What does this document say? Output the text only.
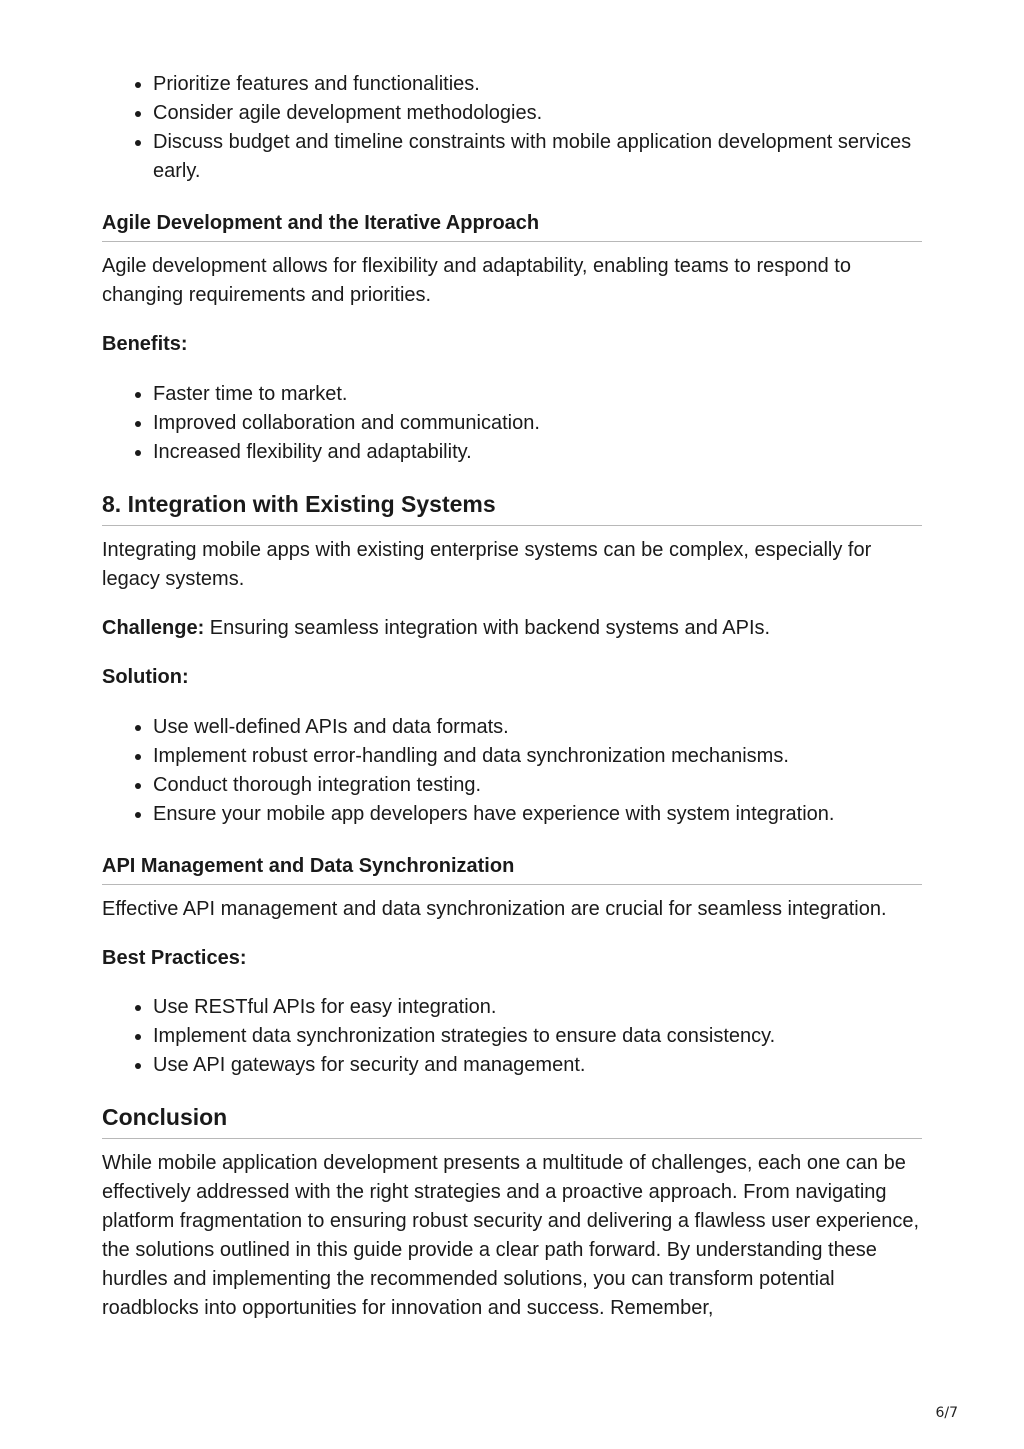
• Prioritize features and functionalities.
• Consider agile development methodologies.
• Discuss budget and timeline constraints with mobile application development services early.
Agile Development and the Iterative Approach

Agile development allows for flexibility and adaptability, enabling teams to respond to changing requirements and priorities.

Benefits:

• Faster time to market.
• Improved collaboration and communication.
• Increased flexibility and adaptability.
8. Integration with Existing Systems

Integrating mobile apps with existing enterprise systems can be complex, especially for legacy systems.

Challenge: Ensuring seamless integration with backend systems and APIs.

Solution:

• Use well-defined APIs and data formats.
• Implement robust error-handling and data synchronization mechanisms.
• Conduct thorough integration testing.
• Ensure your mobile app developers have experience with system integration.
API Management and Data Synchronization

Effective API management and data synchronization are crucial for seamless integration.

Best Practices:

• Use RESTful APIs for easy integration.
• Implement data synchronization strategies to ensure data consistency.
• Use API gateways for security and management.
Conclusion

While mobile application development presents a multitude of challenges, each one can be effectively addressed with the right strategies and a proactive approach. From navigating platform fragmentation to ensuring robust security and delivering a flawless user experience, the solutions outlined in this guide provide a clear path forward. By understanding these hurdles and implementing the recommended solutions, you can transform potential roadblocks into opportunities for innovation and success. Remember,

6/7
